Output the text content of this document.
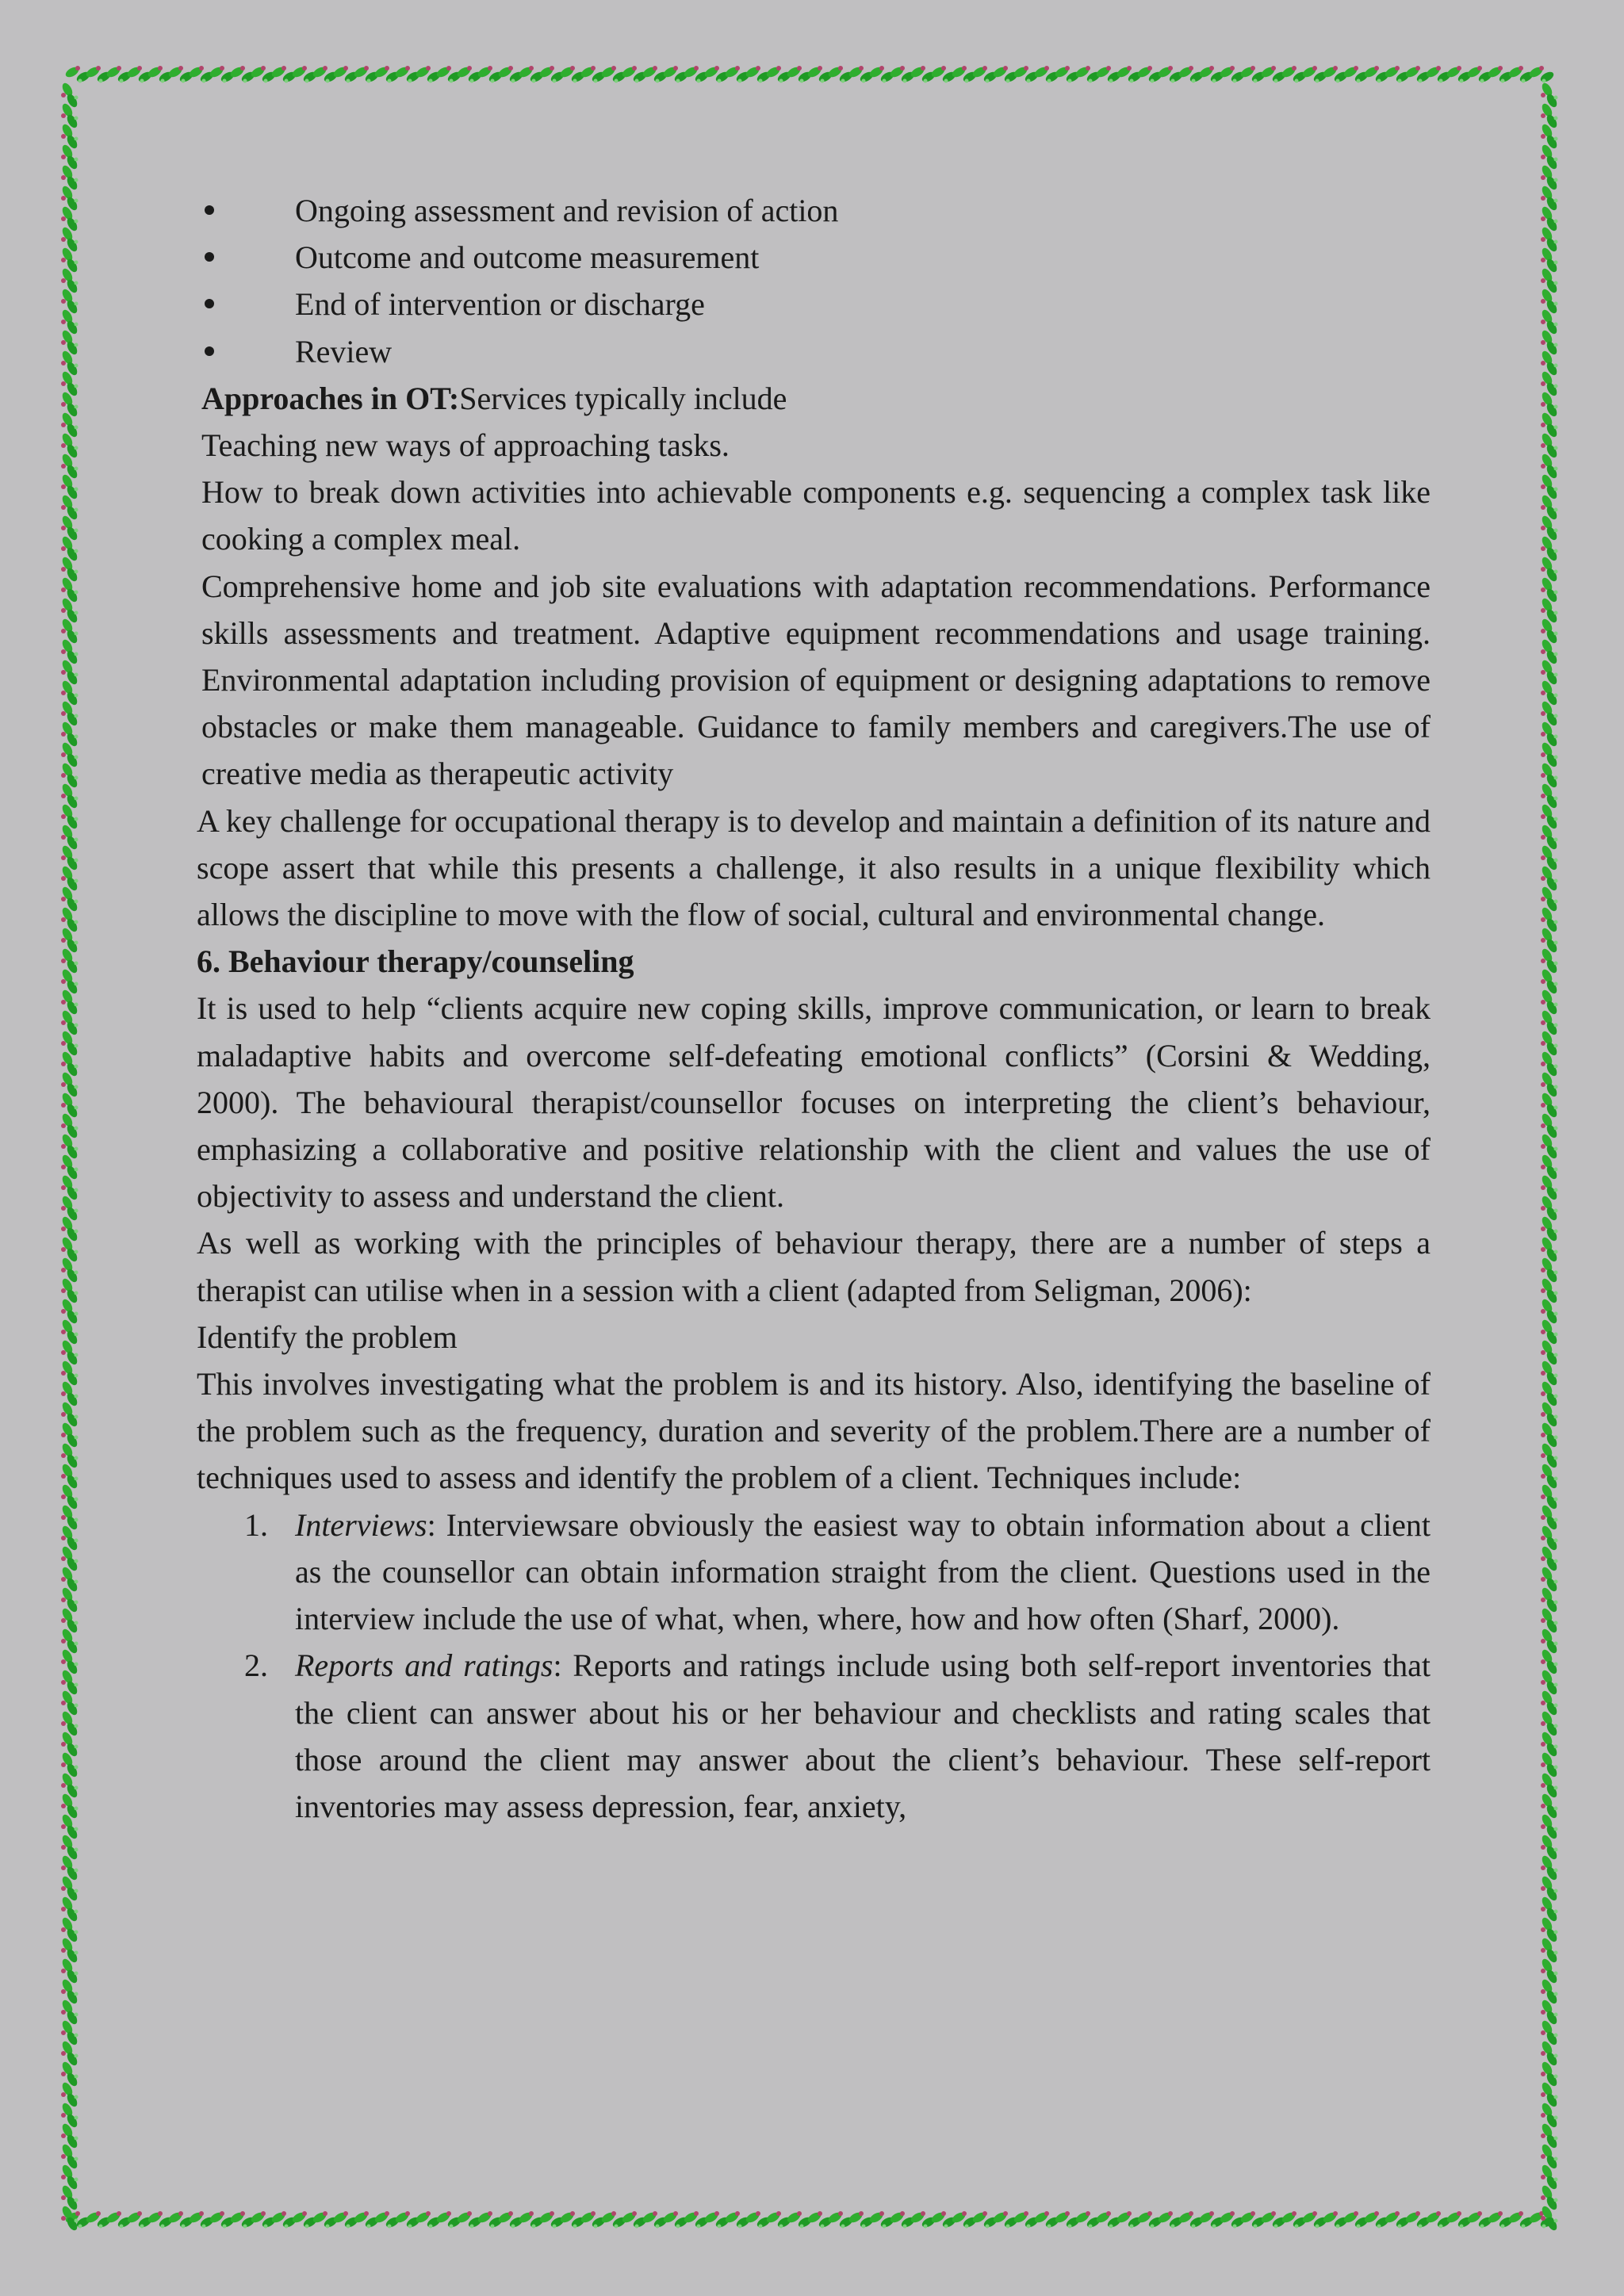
Ongoing assessment and revision of action
Outcome and outcome measurement
End of intervention or discharge
Review

Approaches in OT:Services typically include

Teaching new ways of approaching tasks.

How to break down activities into achievable components e.g. sequencing a complex task like cooking a complex meal.

Comprehensive home and job site evaluations with adaptation recommendations. Performance skills assessments and treatment. Adaptive equipment recommendations and usage training. Environmental adaptation including provision of equipment or designing adaptations to remove obstacles or make them manageable. Guidance to family members and caregivers.The use of creative media as therapeutic activity

A key challenge for occupational therapy is to develop and maintain a definition of its nature and scope assert that while this presents a challenge, it also results in a unique flexibility which allows the discipline to move with the flow of social, cultural and environmental change.

6. Behaviour therapy/counseling

It is used to help “clients acquire new coping skills, improve communication, or learn to break maladaptive habits and overcome self-defeating emotional conflicts” (Corsini & Wedding, 2000). The behavioural therapist/counsellor focuses on interpreting the client’s behaviour, emphasizing a collaborative and positive relationship with the client and values the use of objectivity to assess and understand the client.

As well as working with the principles of behaviour therapy, there are a number of steps a therapist can utilise when in a session with a client (adapted from Seligman, 2006):

Identify the problem

This involves investigating what the problem is and its history. Also, identifying the baseline of the problem such as the frequency, duration and severity of the problem.There are a number of techniques used to assess and identify the problem of a client. Techniques include:

1. Interviews: Interviewsare obviously the easiest way to obtain information about a client as the counsellor can obtain information straight from the client. Questions used in the interview include the use of what, when, where, how and how often (Sharf, 2000).
2. Reports and ratings: Reports and ratings include using both self-report inventories that the client can answer about his or her behaviour and checklists and rating scales that those around the client may answer about the client’s behaviour. These self-report inventories may assess depression, fear, anxiety,
